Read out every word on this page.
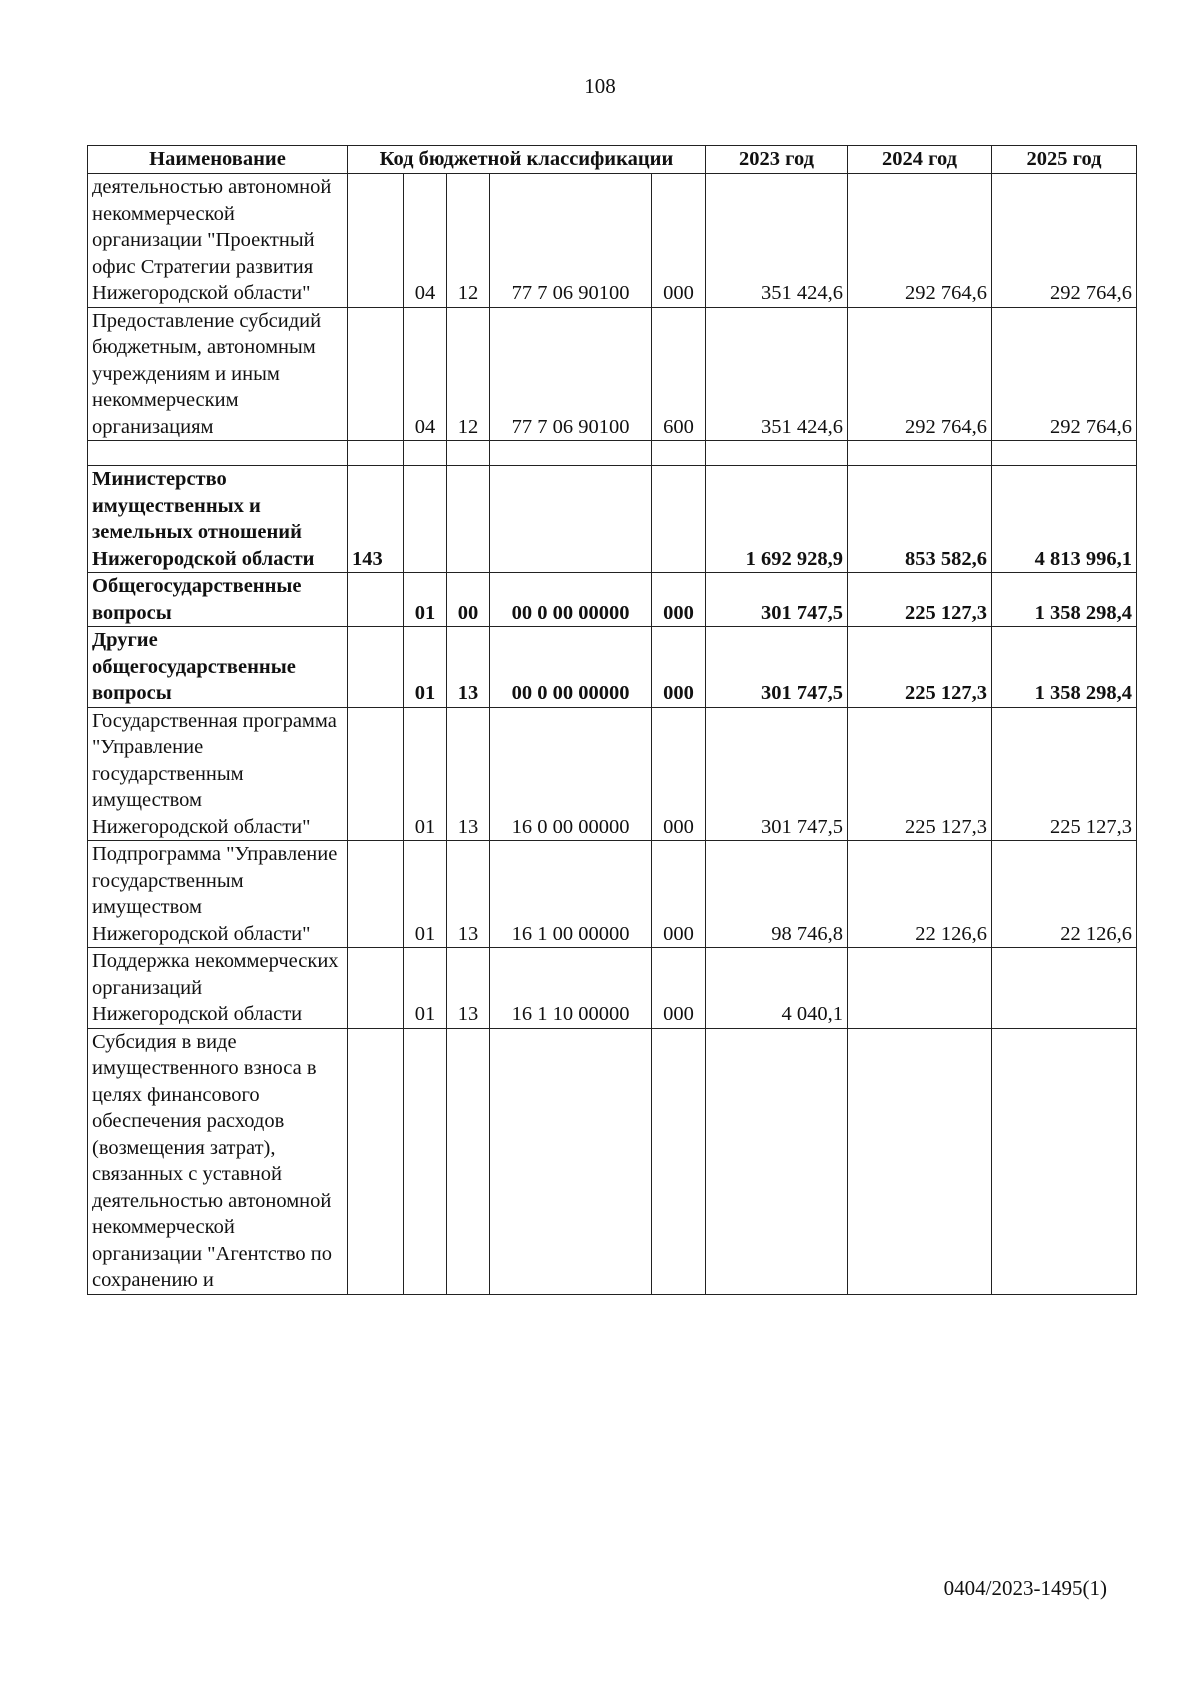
108
Наименование	Код бюджетной классификации					2023 год	2024 год	2025 год
деятельностью автономной некоммерческой организации "Проектный офис Стратегии развития Нижегородской области"		04	12	77 7 06 90100	000	351 424,6	292 764,6	292 764,6
Предоставление субсидий бюджетным, автономным учреждениям и иным некоммерческим организациям		04	12	77 7 06 90100	600	351 424,6	292 764,6	292 764,6

Министерство имущественных и земельных отношений Нижегородской области	143					1 692 928,9	853 582,6	4 813 996,1
Общегосударственные вопросы		01	00	00 0 00 00000	000	301 747,5	225 127,3	1 358 298,4
Другие общегосударственные вопросы		01	13	00 0 00 00000	000	301 747,5	225 127,3	1 358 298,4
Государственная программа "Управление государственным имуществом Нижегородской области"		01	13	16 0 00 00000	000	301 747,5	225 127,3	225 127,3
Подпрограмма "Управление государственным имуществом Нижегородской области"		01	13	16 1 00 00000	000	98 746,8	22 126,6	22 126,6
Поддержка некоммерческих организаций Нижегородской области		01	13	16 1 10 00000	000	4 040,1		
Субсидия в виде имущественного взноса в целях финансового обеспечения расходов (возмещения затрат), связанных с уставной деятельностью автономной некоммерческой организации "Агентство по сохранению и								
0404/2023-1495(1)
